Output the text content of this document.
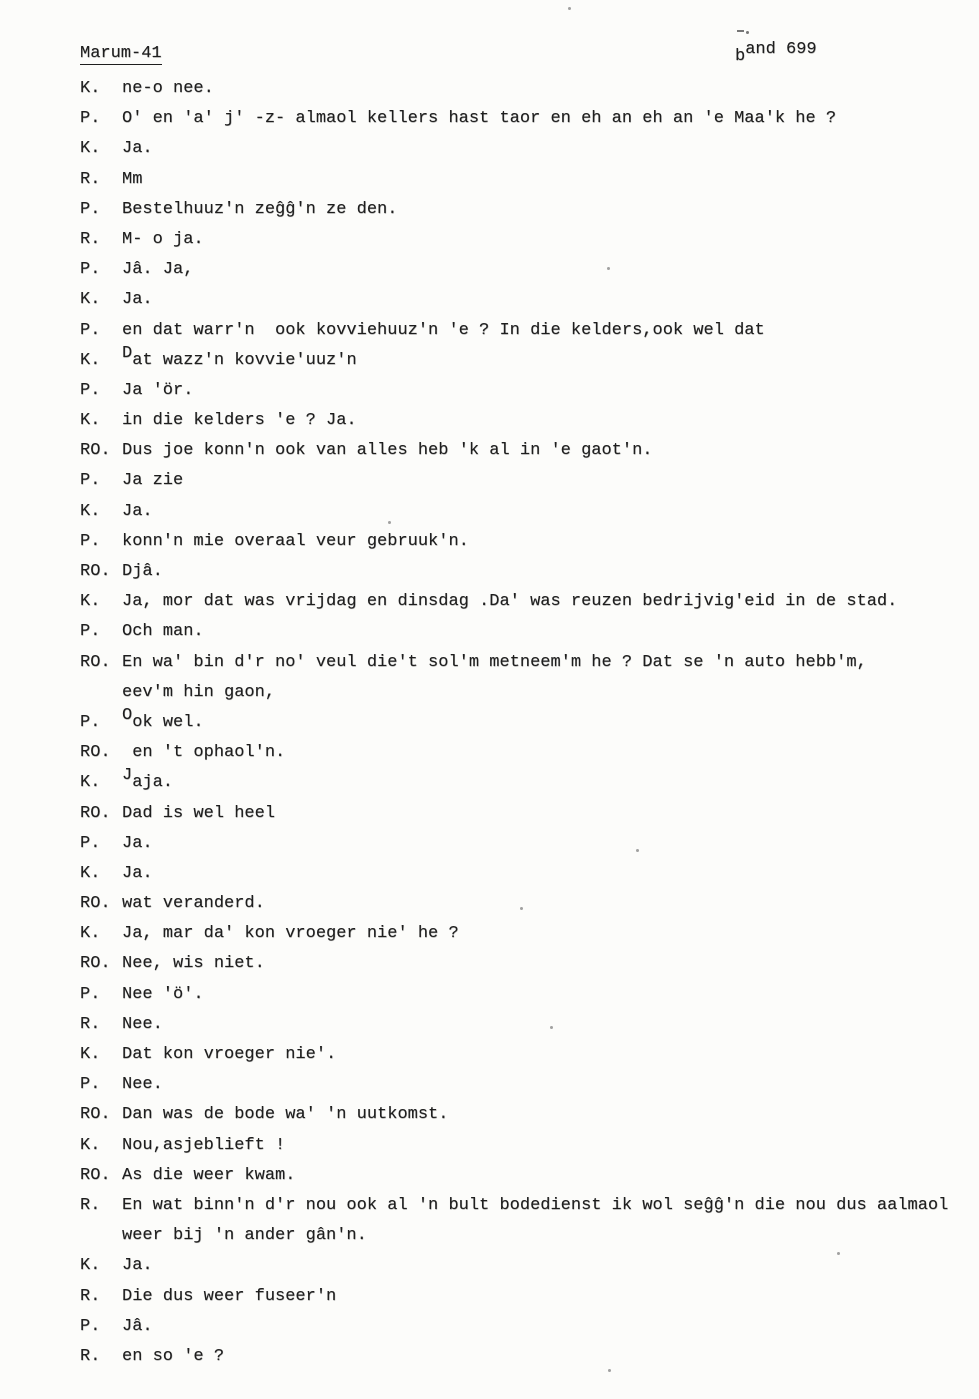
Marum-41	band 699
K. ne-o nee.
P. O' en 'a' j' -z- almaol kellers hast taor en eh an eh an 'e Maa'k he ?
K. Ja.
R. Mm
P. Bestelhuuz'n zeĝĝ'n ze den.
R. M- o ja.
P. Jâ. Ja,
K. Ja.
P. en dat warr'n  ook kovviehuuz'n 'e ? In die kelders,ook wel dat
K. Dat wazz'n kovvie'uuz'n
P. Ja 'ör.
K. in die kelders 'e ? Ja.
RO. Dus joe konn'n ook van alles heb 'k al in 'e gaot'n.
P. Ja zie
K. Ja.
P. konn'n mie overaal veur gebruuk'n.
RO. Djâ.
K. Ja, mor dat was vrijdag en dinsdag .Da' was reuzen bedrijvig'eid in de stad.
P. Och man.
RO. En wa' bin d'r no' veul die't sol'm metneem'm he ? Dat se 'n auto hebb'm,
eev'm hin gaon,
P. Ook wel.
RO. en 't ophaol'n.
K. Jaja.
RO. Dad is wel heel
P. Ja.
K. Ja.
RO. wat veranderd.
K. Ja, mar da' kon vroeger nie' he ?
RO. Nee, wis niet.
P. Nee 'ö'.
R. Nee.
K. Dat kon vroeger nie'.
P. Nee.
RO. Dan was de bode wa' 'n uutkomst.
K. Nou,asjeblieft !
RO. As die weer kwam.
R. En wat binn'n d'r nou ook al 'n bult bodedienst ik wol seĝĝ'n die nou dus aalmaol
weer bij 'n ander gân'n.
K. Ja.
R. Die dus weer fuseer'n
P. Jâ.
R. en so 'e ?
